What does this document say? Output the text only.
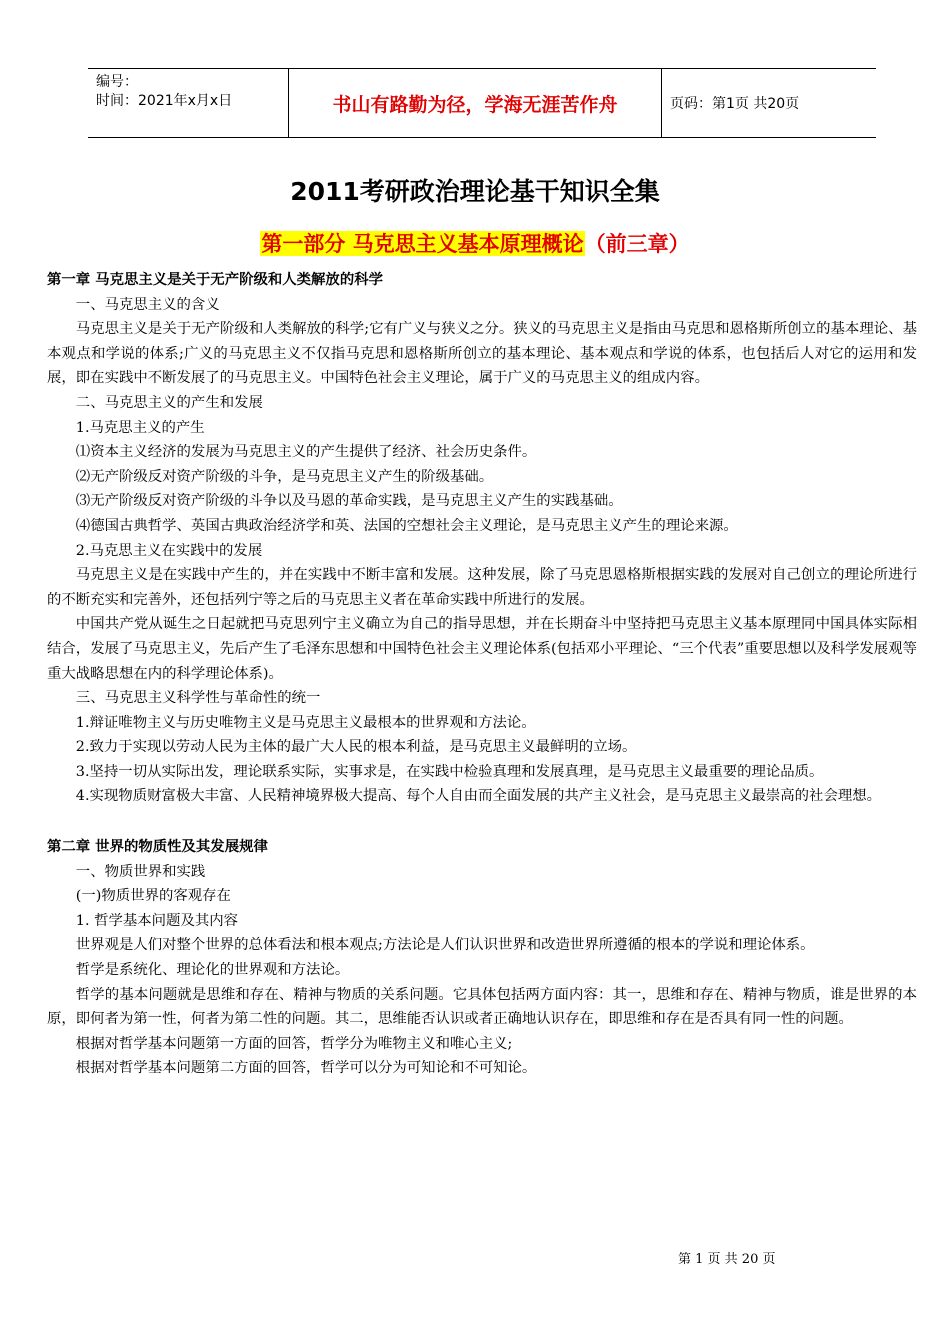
编号：
时间：2021年x月x日	书山有路勤为径，学海无涯苦作舟	页码：第1页 共20页
2011考研政治理论基干知识全集
第一部分 马克思主义基本原理概论（前三章）
第一章 马克思主义是关于无产阶级和人类解放的科学

一、马克思主义的含义

马克思主义是关于无产阶级和人类解放的科学;它有广义与狭义之分。狭义的马克思主义是指由马克思和恩格斯所创立的基本理论、基本观点和学说的体系;广义的马克思主义不仅指马克思和恩格斯所创立的基本理论、基本观点和学说的体系，也包括后人对它的运用和发展，即在实践中不断发展了的马克思主义。中国特色社会主义理论，属于广义的马克思主义的组成内容。

二、马克思主义的产生和发展

1.马克思主义的产生

⑴资本主义经济的发展为马克思主义的产生提供了经济、社会历史条件。

⑵无产阶级反对资产阶级的斗争，是马克思主义产生的阶级基础。

⑶无产阶级反对资产阶级的斗争以及马恩的革命实践，是马克思主义产生的实践基础。

⑷德国古典哲学、英国古典政治经济学和英、法国的空想社会主义理论，是马克思主义产生的理论来源。

2.马克思主义在实践中的发展

马克思主义是在实践中产生的，并在实践中不断丰富和发展。这种发展，除了马克思恩格斯根据实践的发展对自己创立的理论所进行的不断充实和完善外，还包括列宁等之后的马克思主义者在革命实践中所进行的发展。

中国共产党从诞生之日起就把马克思列宁主义确立为自己的指导思想，并在长期奋斗中坚持把马克思主义基本原理同中国具体实际相结合，发展了马克思主义，先后产生了毛泽东思想和中国特色社会主义理论体系(包括邓小平理论、“三个代表”重要思想以及科学发展观等重大战略思想在内的科学理论体系)。

三、马克思主义科学性与革命性的统一

1.辩证唯物主义与历史唯物主义是马克思主义最根本的世界观和方法论。

2.致力于实现以劳动人民为主体的最广大人民的根本利益，是马克思主义最鲜明的立场。

3.坚持一切从实际出发，理论联系实际，实事求是，在实践中检验真理和发展真理，是马克思主义最重要的理论品质。

4.实现物质财富极大丰富、人民精神境界极大提高、每个人自由而全面发展的共产主义社会，是马克思主义最崇高的社会理想。

第二章 世界的物质性及其发展规律

一、物质世界和实践

(一)物质世界的客观存在

1. 哲学基本问题及其内容

世界观是人们对整个世界的总体看法和根本观点;方法论是人们认识世界和改造世界所遵循的根本的学说和理论体系。

哲学是系统化、理论化的世界观和方法论。

哲学的基本问题就是思维和存在、精神与物质的关系问题。它具体包括两方面内容：其一，思维和存在、精神与物质，谁是世界的本原，即何者为第一性，何者为第二性的问题。其二，思维能否认识或者正确地认识存在，即思维和存在是否具有同一性的问题。

根据对哲学基本问题第一方面的回答，哲学分为唯物主义和唯心主义;

根据对哲学基本问题第二方面的回答，哲学可以分为可知论和不可知论。

第 1 页 共 20 页
